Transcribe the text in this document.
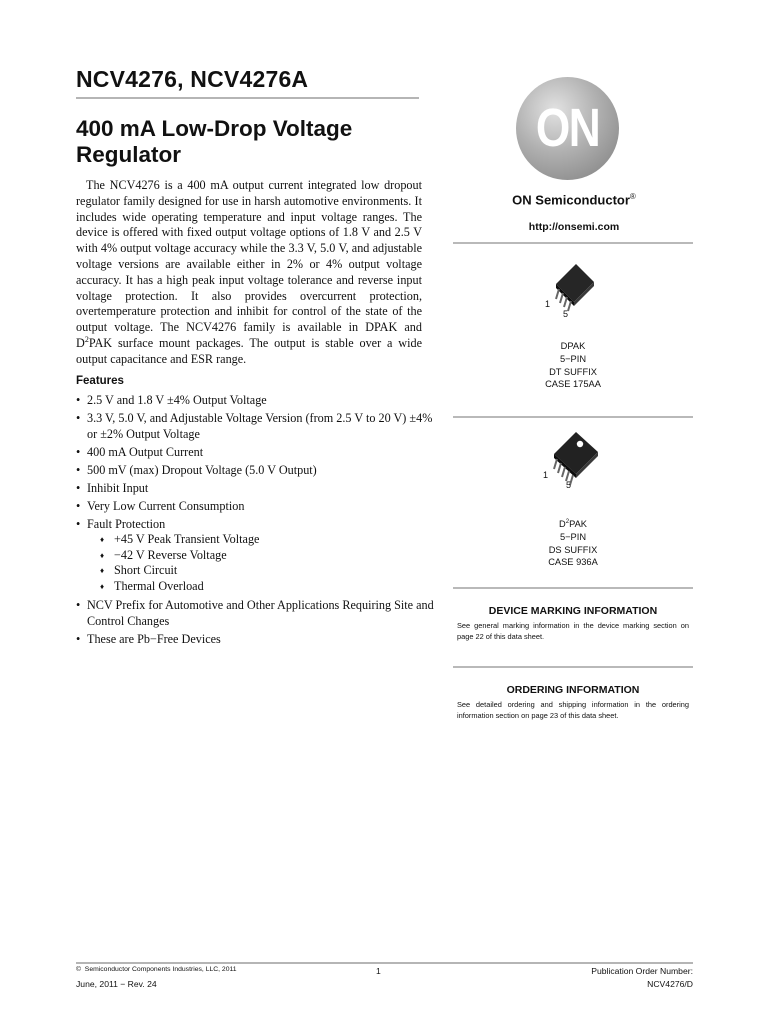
NCV4276, NCV4276A
400 mA Low-Drop Voltage
Regulator

The NCV4276 is a 400 mA output current integrated low dropout regulator family designed for use in harsh automotive environments. It includes wide operating temperature and input voltage ranges. The device is offered with fixed output voltage options of 1.8 V and 2.5 V with 4% output voltage accuracy while the 3.3 V, 5.0 V, and adjustable voltage versions are available either in 2% or 4% output voltage accuracy. It has a high peak input voltage tolerance and reverse input voltage protection. It also provides overcurrent protection, overtemperature protection and inhibit for control of the state of the output voltage. The NCV4276 family is available in DPAK and $D^2PAK$ surface mount packages. The output is stable over a wide output capacitance and ESR range.

Features
• 2.5 V and 1.8 V ±4% Output Voltage
• 3.3 V, 5.0 V, and Adjustable Voltage Version (from 2.5 V to 20 V) ±4% or ±2% Output Voltage
• 400 mA Output Current
• 500 mV (max) Dropout Voltage (5.0 V Output)
• Inhibit Input
• Very Low Current Consumption
• Fault Protection
♦ +45 V Peak Transient Voltage
♦ −42 V Reverse Voltage
♦ Short Circuit
♦ Thermal Overload
• NCV Prefix for Automotive and Other Applications Requiring Site and Control Changes
• These are Pb−Free Devices
ON
ON Semiconductor®
http://onsemi.com
1
5
DPAK
5−PIN
DT SUFFIX
CASE 175AA
1
5
$D^2PAK$
5−PIN
DS SUFFIX
CASE 936A
DEVICE MARKING INFORMATION
See general marking information in the device marking section on page 22 of this data sheet.
ORDERING INFORMATION
See detailed ordering and shipping information in the ordering information section on page 23 of this data sheet.
© Semiconductor Components Industries, LLC, 2011
June, 2011 − Rev. 24
1	Publication Order Number:
NCV4276/D
